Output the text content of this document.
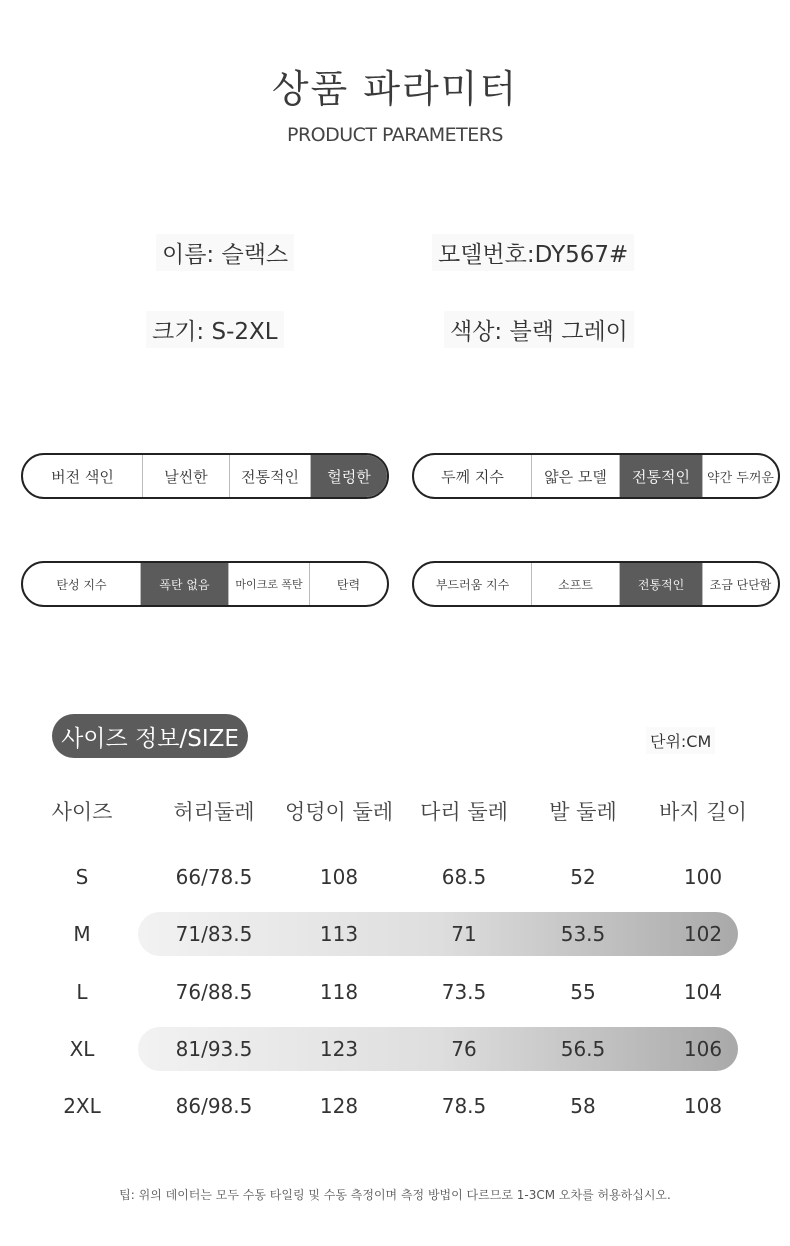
상품 파라미터
PRODUCT PARAMETERS
이름: 슬랙스	모델번호:DY567#
크기: S-2XL	색상: 블랙 그레이
버전 색인	날씬한	전통적인	헐렁한	두께 지수	얇은 모델	전통적인	약간 두꺼운
탄성 지수	폭탄 없음	마이크로 폭탄	탄력	부드러움 지수	소프트	전통적인	조금 단단함
사이즈 정보/SIZE	단위:CM
사이즈	허리둘레	엉덩이 둘레	다리 둘레	발 둘레	바지 길이
S	66/78.5	108	68.5	52	100
M	71/83.5	113	71	53.5	102
L	76/88.5	118	73.5	55	104
XL	81/93.5	123	76	56.5	106
2XL	86/98.5	128	78.5	58	108
팁: 위의 데이터는 모두 수동 타일링 및 수동 측정이며 측정 방법이 다르므로 1-3CM 오차를 허용하십시오.
